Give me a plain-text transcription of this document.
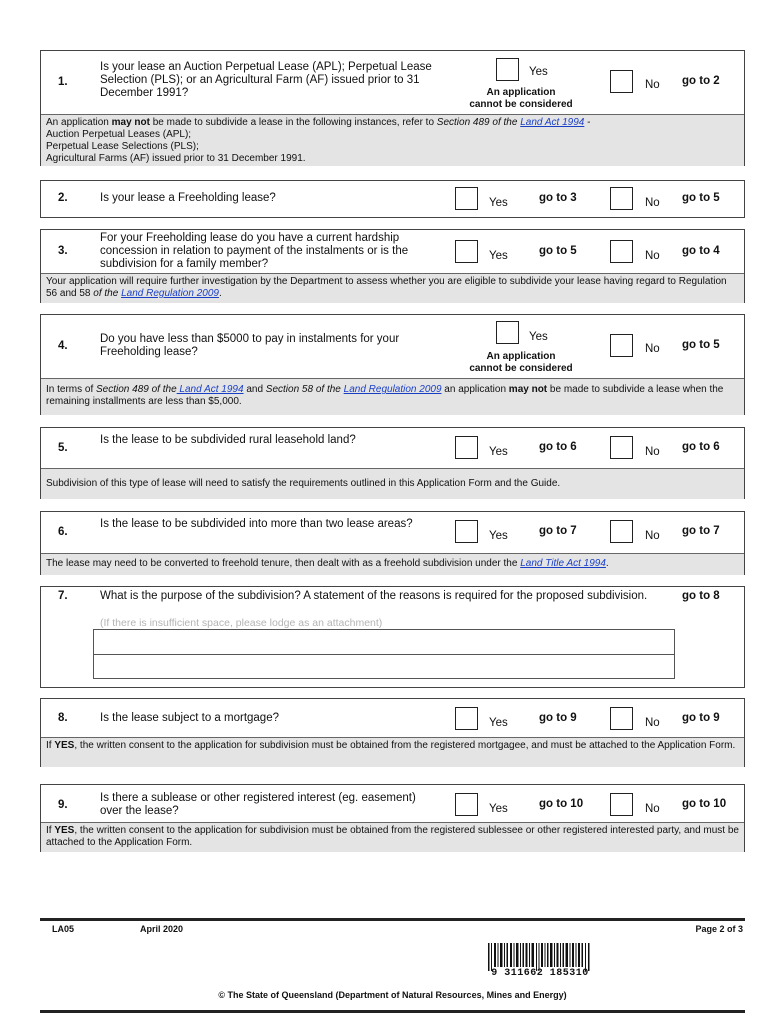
1.
Is your lease an Auction Perpetual Lease (APL); Perpetual Lease Selection (PLS); or an Agricultural Farm (AF) issued prior to 31 December 1991?
Yes
An application
cannot be considered
No go to 2
An application may not be made to subdivide a lease in the following instances, refer to Section 489 of the Land Act 1994 -
Auction Perpetual Leases (APL);
Perpetual Lease Selections (PLS);
Agricultural Farms (AF) issued prior to 31 December 1991.
2.	Is your lease a Freeholding lease?	Yes	go to 3	No go to 5
3.
For your Freeholding lease do you have a current hardship concession in relation to payment of the instalments or is the subdivision for a family member?
Yes	go to 5	No go to 4
Your application will require further investigation by the Department to assess whether you are eligible to subdivide your lease having regard to Regulation 56 and 58 of the Land Regulation 2009.
4.
Do you have less than $5000 to pay in instalments for your Freeholding lease?
Yes
An application
cannot be considered
No go to 5
In terms of Section 489 of the Land Act 1994 and Section 58 of the Land Regulation 2009 an application may not be made to subdivide a lease when the remaining installments are less than $5,000.
5.
Is the lease to be subdivided rural leasehold land?
Yes	go to 6	No go to 6
Subdivision of this type of lease will need to satisfy the requirements outlined in this Application Form and the Guide.
6.
Is the lease to be subdivided into more than two lease areas?
Yes	go to 7	No go to 7
The lease may need to be converted to freehold tenure, then dealt with as a freehold subdivision under the Land Title Act 1994.
7.	What is the purpose of the subdivision? A statement of the reasons is required for the proposed subdivision.
(If there is insufficient space, please lodge as an attachment)
go to 8
8.	Is the lease subject to a mortgage?	Yes	go to 9	No go to 9
If YES, the written consent to the application for subdivision must be obtained from the registered mortgagee, and must be attached to the Application Form.
9.
Is there a sublease or other registered interest (eg. easement) over the lease?	Yes	go to 10	No go to 10
If YES, the written consent to the application for subdivision must be obtained from the registered sublessee or other registered interested party, and must be attached to the Application Form.
LA05	April 2020	Page 2 of 3
9 311662 185310
© The State of Queensland (Department of Natural Resources, Mines and Energy)
